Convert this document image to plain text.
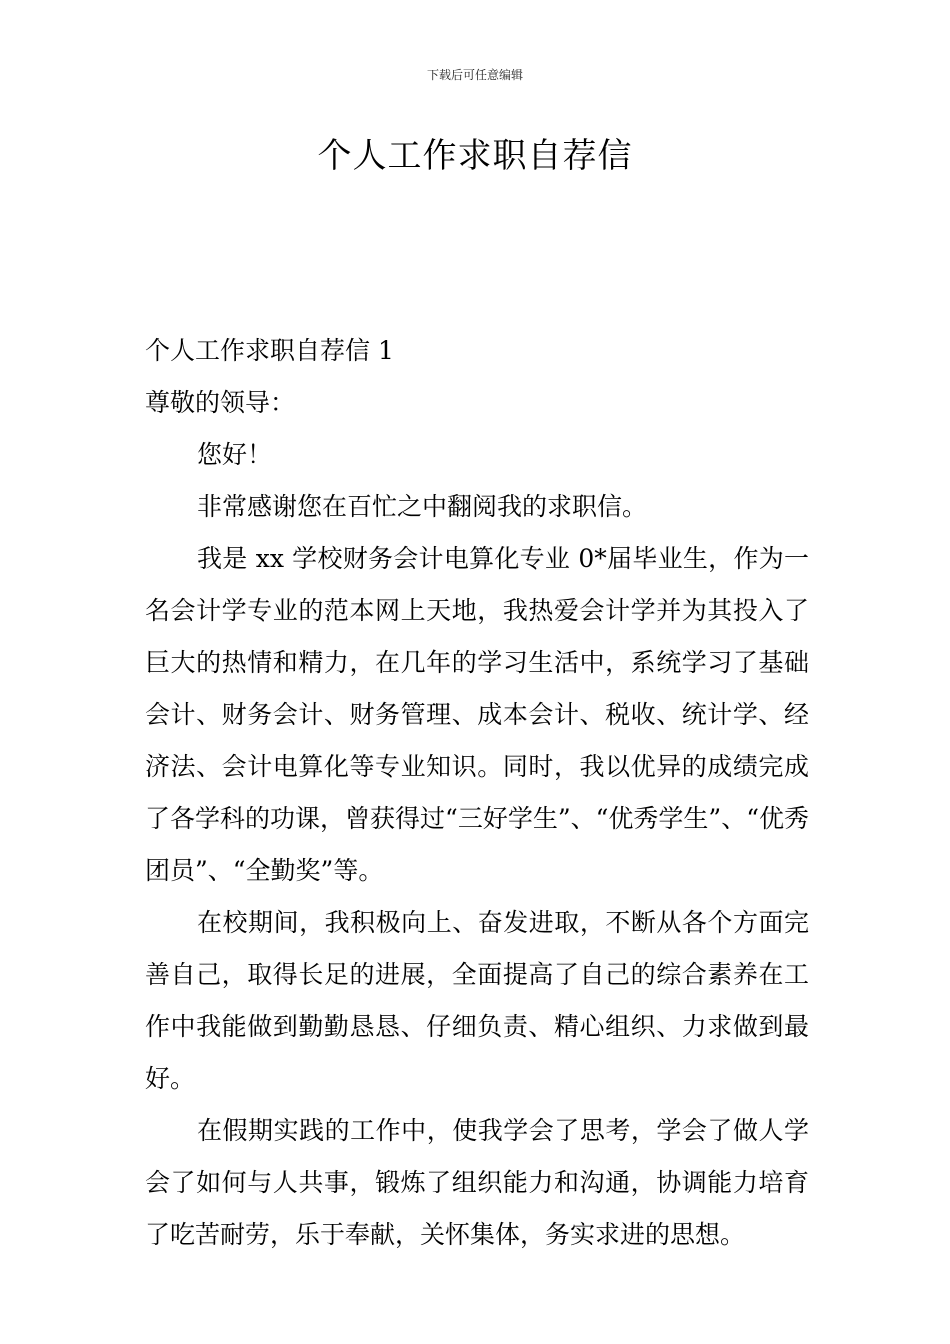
下载后可任意编辑
个人工作求职自荐信

个人工作求职自荐信 1

尊敬的领导：

您好！

非常感谢您在百忙之中翻阅我的求职信。

我是 xx 学校财务会计电算化专业 0*届毕业生，作为一名会计学专业的范本网上天地，我热爱会计学并为其投入了巨大的热情和精力，在几年的学习生活中，系统学习了基础会计、财务会计、财务管理、成本会计、税收、统计学、经济法、会计电算化等专业知识。同时，我以优异的成绩完成了各学科的功课，曾获得过“三好学生”、“优秀学生”、“优秀团员”、“全勤奖”等。

在校期间，我积极向上、奋发进取，不断从各个方面完善自己，取得长足的进展，全面提高了自己的综合素养在工作中我能做到勤勤恳恳、仔细负责、精心组织、力求做到最好。

在假期实践的工作中，使我学会了思考，学会了做人学会了如何与人共事，锻炼了组织能力和沟通，协调能力培育了吃苦耐劳，乐于奉献，关怀集体，务实求进的思想。
